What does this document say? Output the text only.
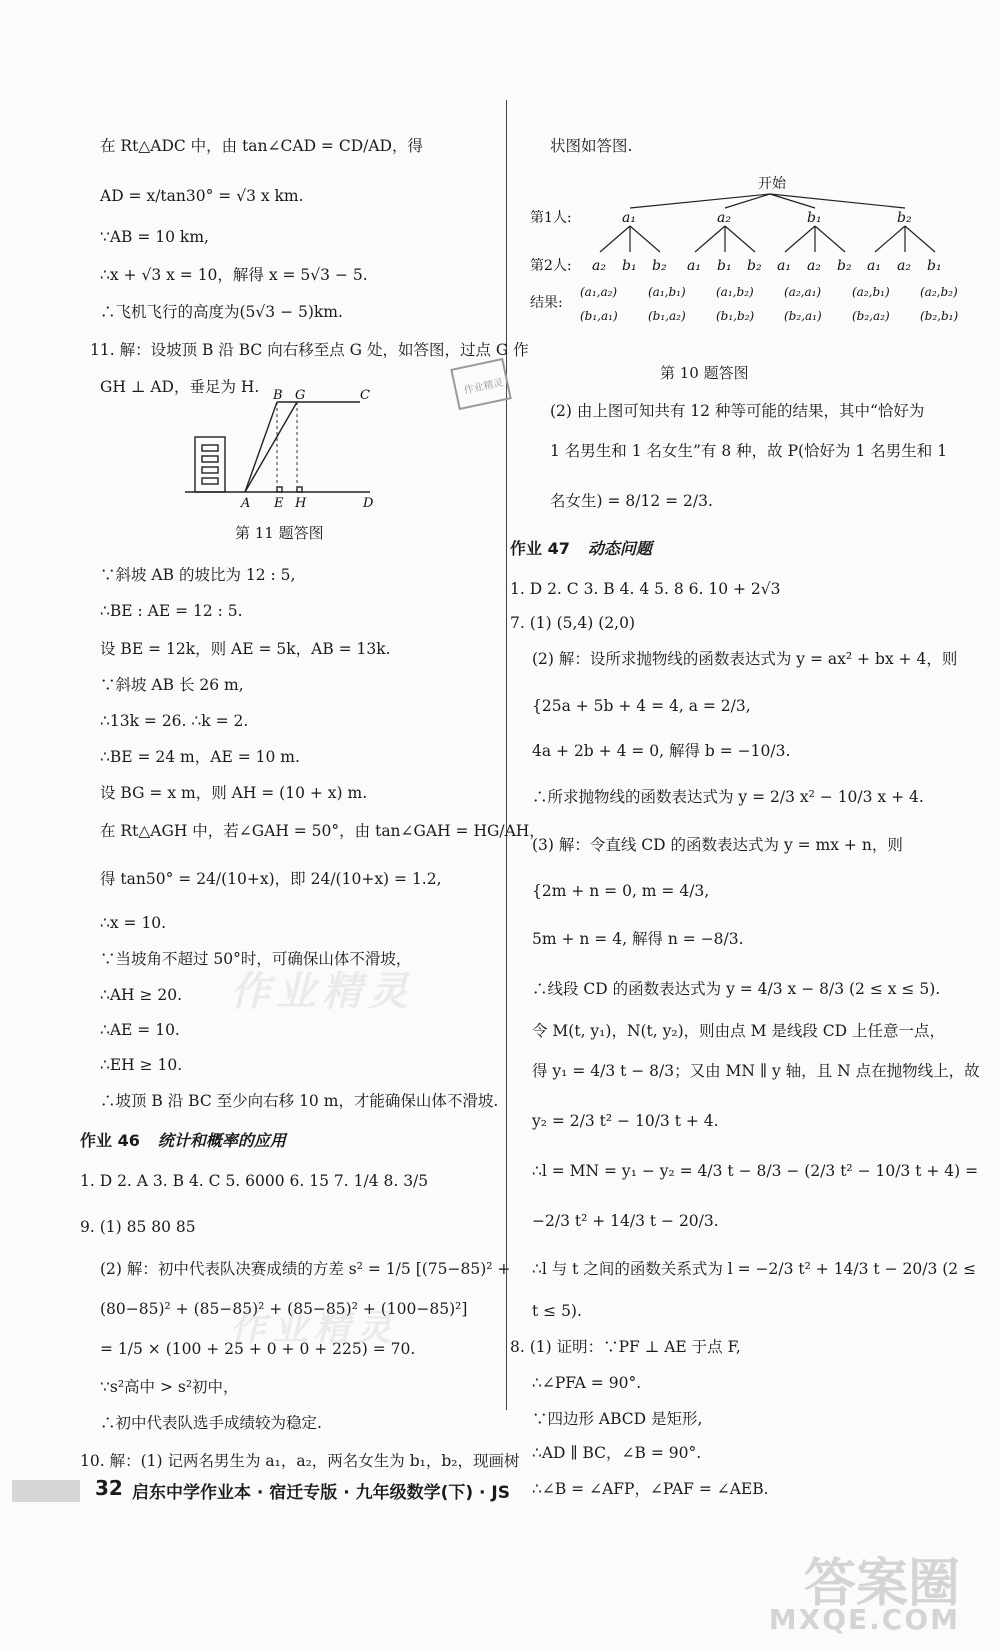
在 Rt△ADC 中，由 tan∠CAD = CD/AD，得
AD = x/tan30° = √3 x km.
∵AB = 10 km,
∴x + √3 x = 10，解得 x = 5√3 − 5.
∴飞机飞行的高度为(5√3 − 5)km.
11. 解：设坡顶 B 沿 BC 向右移至点 G 处，如答图，过点 G 作
GH ⊥ AD，垂足为 H. B G	C
A E H	D
作业精灵
第 11 题答图
∵斜坡 AB 的坡比为 12 : 5,
∴BE : AE = 12 : 5.
设 BE = 12k，则 AE = 5k，AB = 13k.
∵斜坡 AB 长 26 m,
∴13k = 26. ∴k = 2.
∴BE = 24 m，AE = 10 m.
设 BG = x m，则 AH = (10 + x) m.
在 Rt△AGH 中，若∠GAH = 50°，由 tan∠GAH = HG/AH，
得 tan50° = 24/(10+x)，即 24/(10+x) = 1.2,
∴x = 10.
∵当坡角不超过 50°时，可确保山体不滑坡，
∴AH ≥ 20.
∴AE = 10.
∴EH ≥ 10.
∴坡顶 B 沿 BC 至少向右移 10 m，才能确保山体不滑坡.
作业精灵
作业 46 统计和概率的应用
1. D 2. A 3. B 4. C 5. 6000 6. 15 7. 1/4 8. 3/5
9. (1) 85 80 85
(2) 解：初中代表队决赛成绩的方差 s² = 1/5 [(75−85)² +
(80−85)² + (85−85)² + (85−85)² + (100−85)²]
= 1/5 × (100 + 25 + 0 + 0 + 225) = 70.
∵s²高中 > s²初中，
∴初中代表队选手成绩较为稳定.
10. 解：(1) 记两名男生为 a₁，a₂，两名女生为 b₁，b₂，现画树
作业精灵
状图如答图.
开始
第1人:
第2人:
结果:
a₁	a₂	b₁	b₂
a₂ b₁ b₂ a₁ b₁ b₂ a₁ a₂ b₂ a₁ a₂ b₁
(a₁,a₂)	(a₁,b₁)	(a₁,b₂)	(a₂,a₁)	(a₂,b₁)	(a₂,b₂)
(b₁,a₁)	(b₁,a₂)	(b₁,b₂) (b₂,a₁)	(b₂,a₂)	(b₂,b₁)
第 10 题答图
(2) 由上图可知共有 12 种等可能的结果，其中“恰好为
1 名男生和 1 名女生”有 8 种，故 P(恰好为 1 名男生和 1
名女生) = 8/12 = 2/3.
作业 47 动态问题
1. D 2. C 3. B 4. 4 5. 8 6. 10 + 2√3
7. (1) (5,4) (2,0)
(2) 解：设所求抛物线的函数表达式为 y = ax² + bx + 4，则
{25a + 5b + 4 = 4, a = 2/3,
4a + 2b + 4 = 0, 解得 b = −10/3.
∴所求抛物线的函数表达式为 y = 2/3 x² − 10/3 x + 4.
(3) 解：令直线 CD 的函数表达式为 y = mx + n，则
{2m + n = 0, m = 4/3,
5m + n = 4, 解得 n = −8/3.
∴线段 CD 的函数表达式为 y = 4/3 x − 8/3 (2 ≤ x ≤ 5).
令 M(t, y₁)，N(t, y₂)，则由点 M 是线段 CD 上任意一点，
得 y₁ = 4/3 t − 8/3；又由 MN ∥ y 轴，且 N 点在抛物线上，故
y₂ = 2/3 t² − 10/3 t + 4.
∴l = MN = y₁ − y₂ = 4/3 t − 8/3 − (2/3 t² − 10/3 t + 4) =
−2/3 t² + 14/3 t − 20/3.
∴l 与 t 之间的函数关系式为 l = −2/3 t² + 14/3 t − 20/3 (2 ≤
t ≤ 5).
8. (1) 证明：∵PF ⊥ AE 于点 F,
∴∠PFA = 90°.
∵四边形 ABCD 是矩形,
∴AD ∥ BC，∠B = 90°.
∴∠B = ∠AFP，∠PAF = ∠AEB.
32 启东中学作业本 · 宿迁专版 · 九年级数学(下) · JS
答案圈
MXQE.COM
